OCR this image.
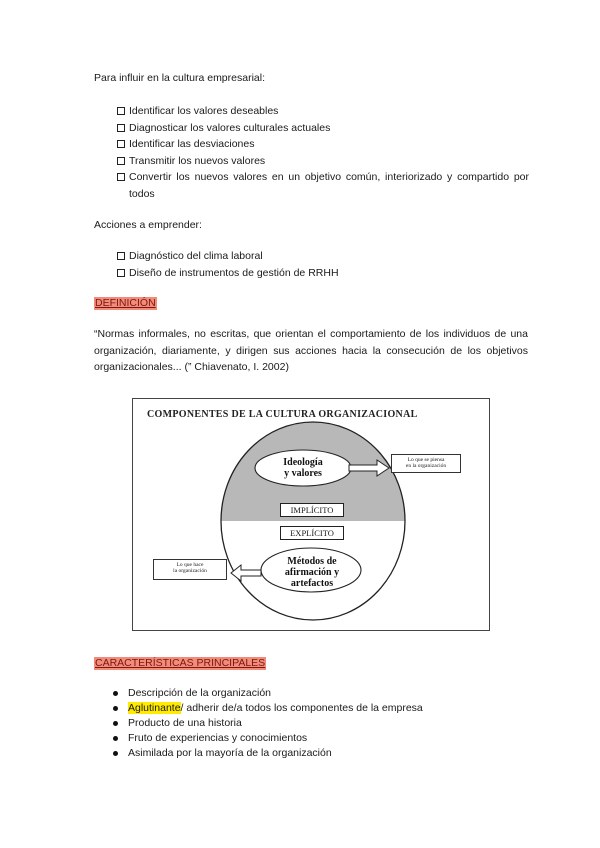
Para influir en la cultura empresarial:
Identificar los valores deseables
Diagnosticar los valores culturales actuales
Identificar las desviaciones
Transmitir los nuevos valores
Convertir los nuevos valores en un objetivo común, interiorizado y compartido por todos
Acciones a emprender:
Diagnóstico del clima laboral
Diseño de instrumentos de gestión de RRHH
DEFINICIÓN
“Normas informales, no escritas, que orientan el comportamiento de los individuos de una organización, diariamente, y dirigen sus acciones hacia la consecución de los objetivos organizacionales... (” Chiavenato, I. 2002)
COMPONENTES DE LA CULTURA ORGANIZACIONAL
Ideología
y valores
Lo que se piensa
en la organización
IMPLÍCITO
EXPLÍCITO
Métodos de
afirmación y
artefactos
Lo que hace
la organización
CARACTERÍSTICAS PRINCIPALES
Descripción de la organización
Aglutinante/ adherir de/a todos los componentes de la empresa
Producto de una historia
Fruto de experiencias y conocimientos
Asimilada por la mayoría de la organización
